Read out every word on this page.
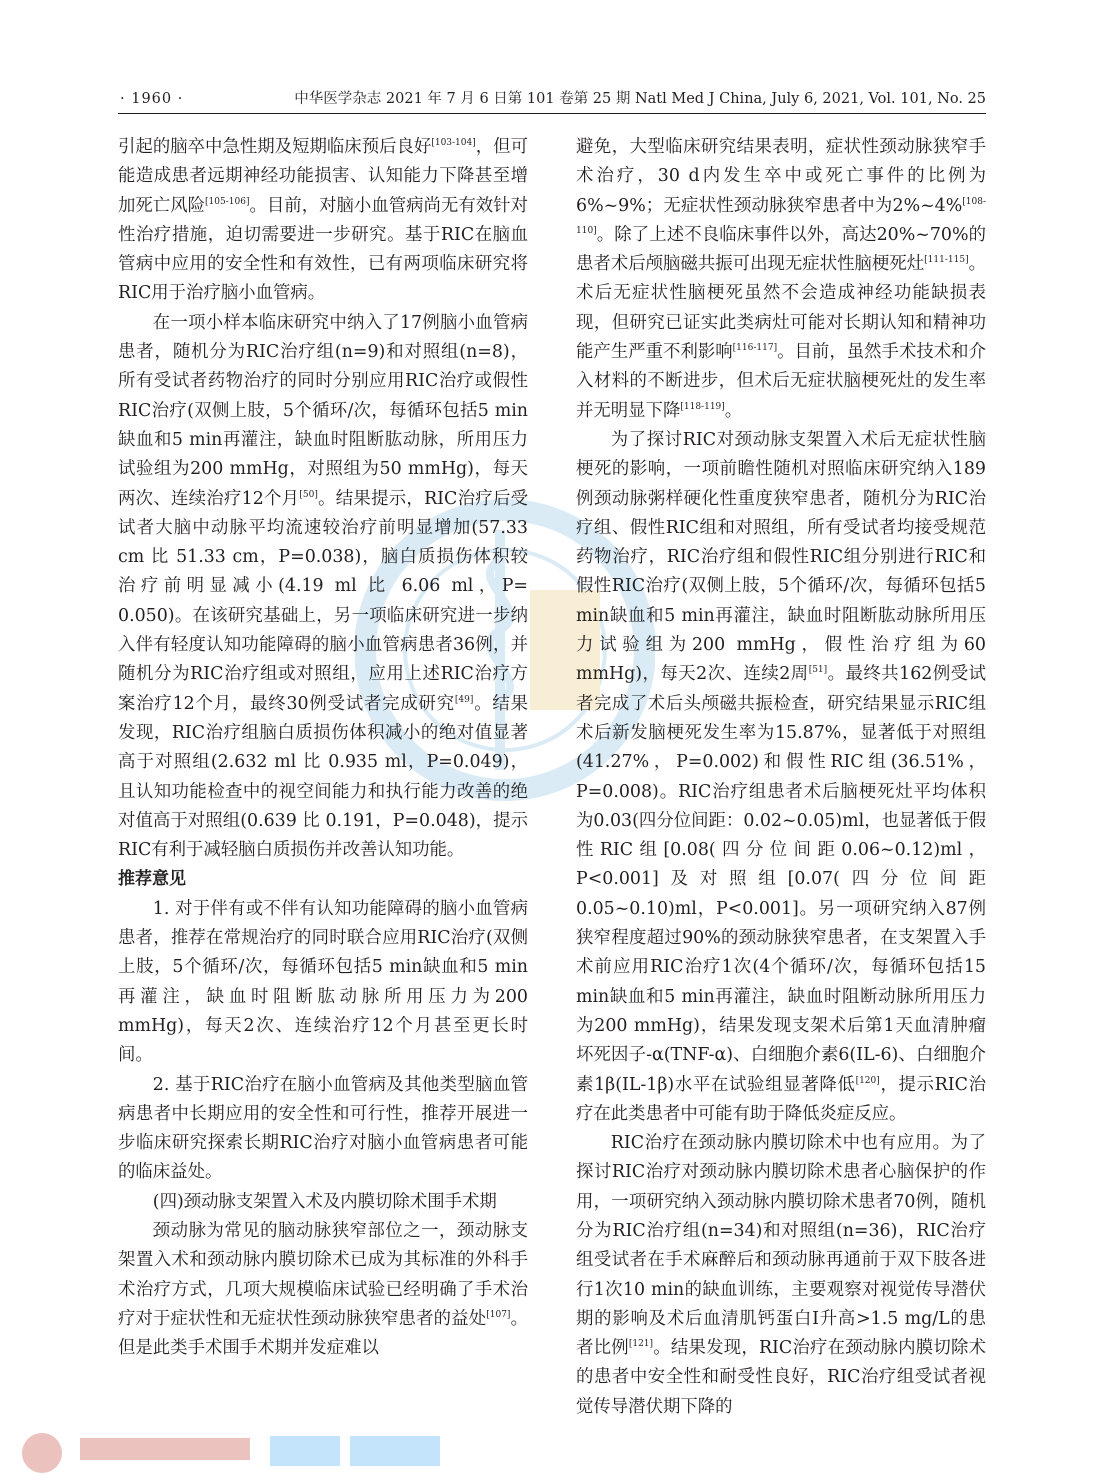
· 1960 ·	中华医学杂志 2021 年 7 月 6 日第 101 卷第 25 期 Natl Med J China, July 6, 2021, Vol. 101, No. 25

引起的脑卒中急性期及短期临床预后良好[103-104]，但可能造成患者远期神经功能损害、认知能力下降甚至增加死亡风险[105-106]。目前，对脑小血管病尚无有效针对性治疗措施，迫切需要进一步研究。基于RIC在脑血管病中应用的安全性和有效性，已有两项临床研究将RIC用于治疗脑小血管病。

在一项小样本临床研究中纳入了17例脑小血管病患者，随机分为RIC治疗组(n=9)和对照组(n=8)，所有受试者药物治疗的同时分别应用RIC治疗或假性RIC治疗(双侧上肢，5个循环/次，每循环包括5 min缺血和5 min再灌注，缺血时阻断肱动脉，所用压力试验组为200 mmHg，对照组为50 mmHg)，每天两次、连续治疗12个月[50]。结果提示，RIC治疗后受试者大脑中动脉平均流速较治疗前明显增加(57.33 cm 比 51.33 cm，P=0.038)，脑白质损伤体积较治疗前明显减小(4.19 ml 比 6.06 ml，P= 0.050)。在该研究基础上，另一项临床研究进一步纳入伴有轻度认知功能障碍的脑小血管病患者36例，并随机分为RIC治疗组或对照组，应用上述RIC治疗方案治疗12个月，最终30例受试者完成研究[49]。结果发现，RIC治疗组脑白质损伤体积减小的绝对值显著高于对照组(2.632 ml 比 0.935 ml，P=0.049)，且认知功能检查中的视空间能力和执行能力改善的绝对值高于对照组(0.639 比 0.191，P=0.048)，提示RIC有利于减轻脑白质损伤并改善认知功能。

推荐意见

1. 对于伴有或不伴有认知功能障碍的脑小血管病患者，推荐在常规治疗的同时联合应用RIC治疗(双侧上肢，5个循环/次，每循环包括5 min缺血和5 min再灌注，缺血时阻断肱动脉所用压力为200 mmHg)，每天2次、连续治疗12个月甚至更长时间。

2. 基于RIC治疗在脑小血管病及其他类型脑血管病患者中长期应用的安全性和可行性，推荐开展进一步临床研究探索长期RIC治疗对脑小血管病患者可能的临床益处。

(四)颈动脉支架置入术及内膜切除术围手术期

颈动脉为常见的脑动脉狭窄部位之一，颈动脉支架置入术和颈动脉内膜切除术已成为其标准的外科手术治疗方式，几项大规模临床试验已经明确了手术治疗对于症状性和无症状性颈动脉狭窄患者的益处[107]。但是此类手术围手术期并发症难以

避免，大型临床研究结果表明，症状性颈动脉狭窄手术治疗，30 d内发生卒中或死亡事件的比例为6%~9%；无症状性颈动脉狭窄患者中为2%~4%[108-110]。除了上述不良临床事件以外，高达20%~70%的患者术后颅脑磁共振可出现无症状性脑梗死灶[111-115]。术后无症状性脑梗死虽然不会造成神经功能缺损表现，但研究已证实此类病灶可能对长期认知和精神功能产生严重不利影响[116-117]。目前，虽然手术技术和介入材料的不断进步，但术后无症状脑梗死灶的发生率并无明显下降[118-119]。

为了探讨RIC对颈动脉支架置入术后无症状性脑梗死的影响，一项前瞻性随机对照临床研究纳入189例颈动脉粥样硬化性重度狭窄患者，随机分为RIC治疗组、假性RIC组和对照组，所有受试者均接受规范药物治疗，RIC治疗组和假性RIC组分别进行RIC和假性RIC治疗(双侧上肢，5个循环/次，每循环包括5 min缺血和5 min再灌注，缺血时阻断肱动脉所用压力试验组为200 mmHg，假性治疗组为60 mmHg)，每天2次、连续2周[51]。最终共162例受试者完成了术后头颅磁共振检查，研究结果显示RIC组术后新发脑梗死发生率为15.87%，显著低于对照组(41.27%，P=0.002)和假性RIC组(36.51%，P=0.008)。RIC治疗组患者术后脑梗死灶平均体积为0.03(四分位间距：0.02~0.05)ml，也显著低于假性RIC组[0.08(四分位间距0.06~0.12)ml，P<0.001]及对照组[0.07(四分位间距0.05~0.10)ml，P<0.001]。另一项研究纳入87例狭窄程度超过90%的颈动脉狭窄患者，在支架置入手术前应用RIC治疗1次(4个循环/次，每循环包括15 min缺血和5 min再灌注，缺血时阻断动脉所用压力为200 mmHg)，结果发现支架术后第1天血清肿瘤坏死因子-α(TNF-α)、白细胞介素6(IL-6)、白细胞介素1β(IL-1β)水平在试验组显著降低[120]，提示RIC治疗在此类患者中可能有助于降低炎症反应。

RIC治疗在颈动脉内膜切除术中也有应用。为了探讨RIC治疗对颈动脉内膜切除术患者心脑保护的作用，一项研究纳入颈动脉内膜切除术患者70例，随机分为RIC治疗组(n=34)和对照组(n=36)，RIC治疗组受试者在手术麻醉后和颈动脉再通前于双下肢各进行1次10 min的缺血训练，主要观察对视觉传导潜伏期的影响及术后血清肌钙蛋白I升高>1.5 mg/L的患者比例[121]。结果发现，RIC治疗在颈动脉内膜切除术的患者中安全性和耐受性良好，RIC治疗组受试者视觉传导潜伏期下降的
